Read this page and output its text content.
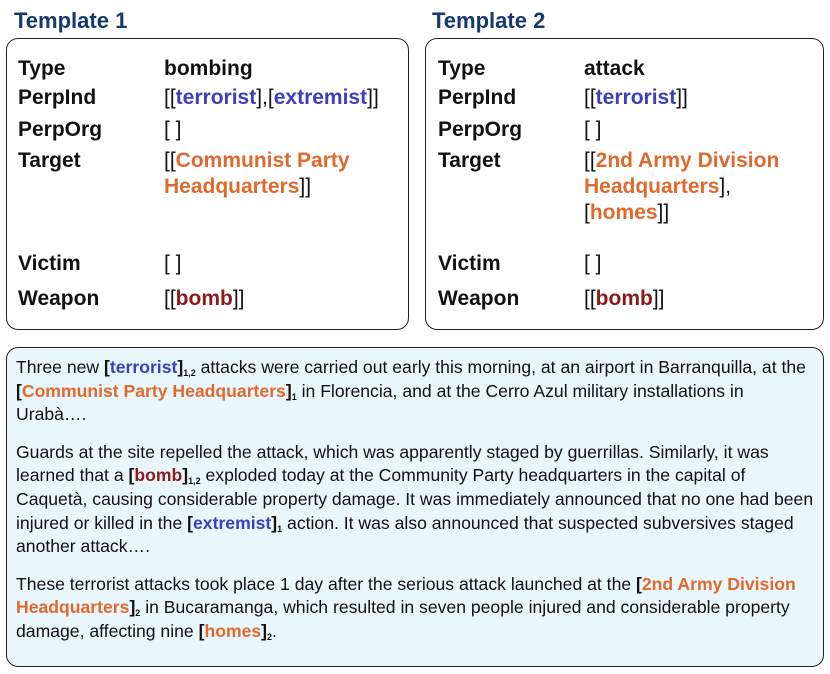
Template 1	Template 2
Type	bombing
PerpInd	[[terrorist],[extremist]]
PerpOrg	[ ]
Target	[[Communist Party
Headquarters]]
Victim	[ ]
Weapon	[[bomb]]
Type	attack
PerpInd	[[terrorist]]
PerpOrg	[ ]
Target	[[2nd Army Division
Headquarters],
[homes]]
Victim	[ ]
Weapon	[[bomb]]

Three new $[terrorist]_{1,2}$ attacks were carried out early this morning, at an airport in Barranquilla, at the [Communist Party $Headquarters]_1$ in Florencia, and at the Cerro Azul military installations in Urabà….

Guards at the site repelled the attack, which was apparently staged by guerrillas. Similarly, it was learned that a $[bomb]_{1,2}$ exploded today at the Community Party headquarters in the capital of Caquetà, causing considerable property damage. It was immediately announced that no one had been injured or killed in the $[extremist]_1$ action. It was also announced that suspected subversives staged another attack….

These terrorist attacks took place 1 day after the serious attack launched at the [2nd Army Division $Headquarters]_2$ in Bucaramanga, which resulted in seven people injured and considerable property damage, affecting nine $[homes]_2$.
